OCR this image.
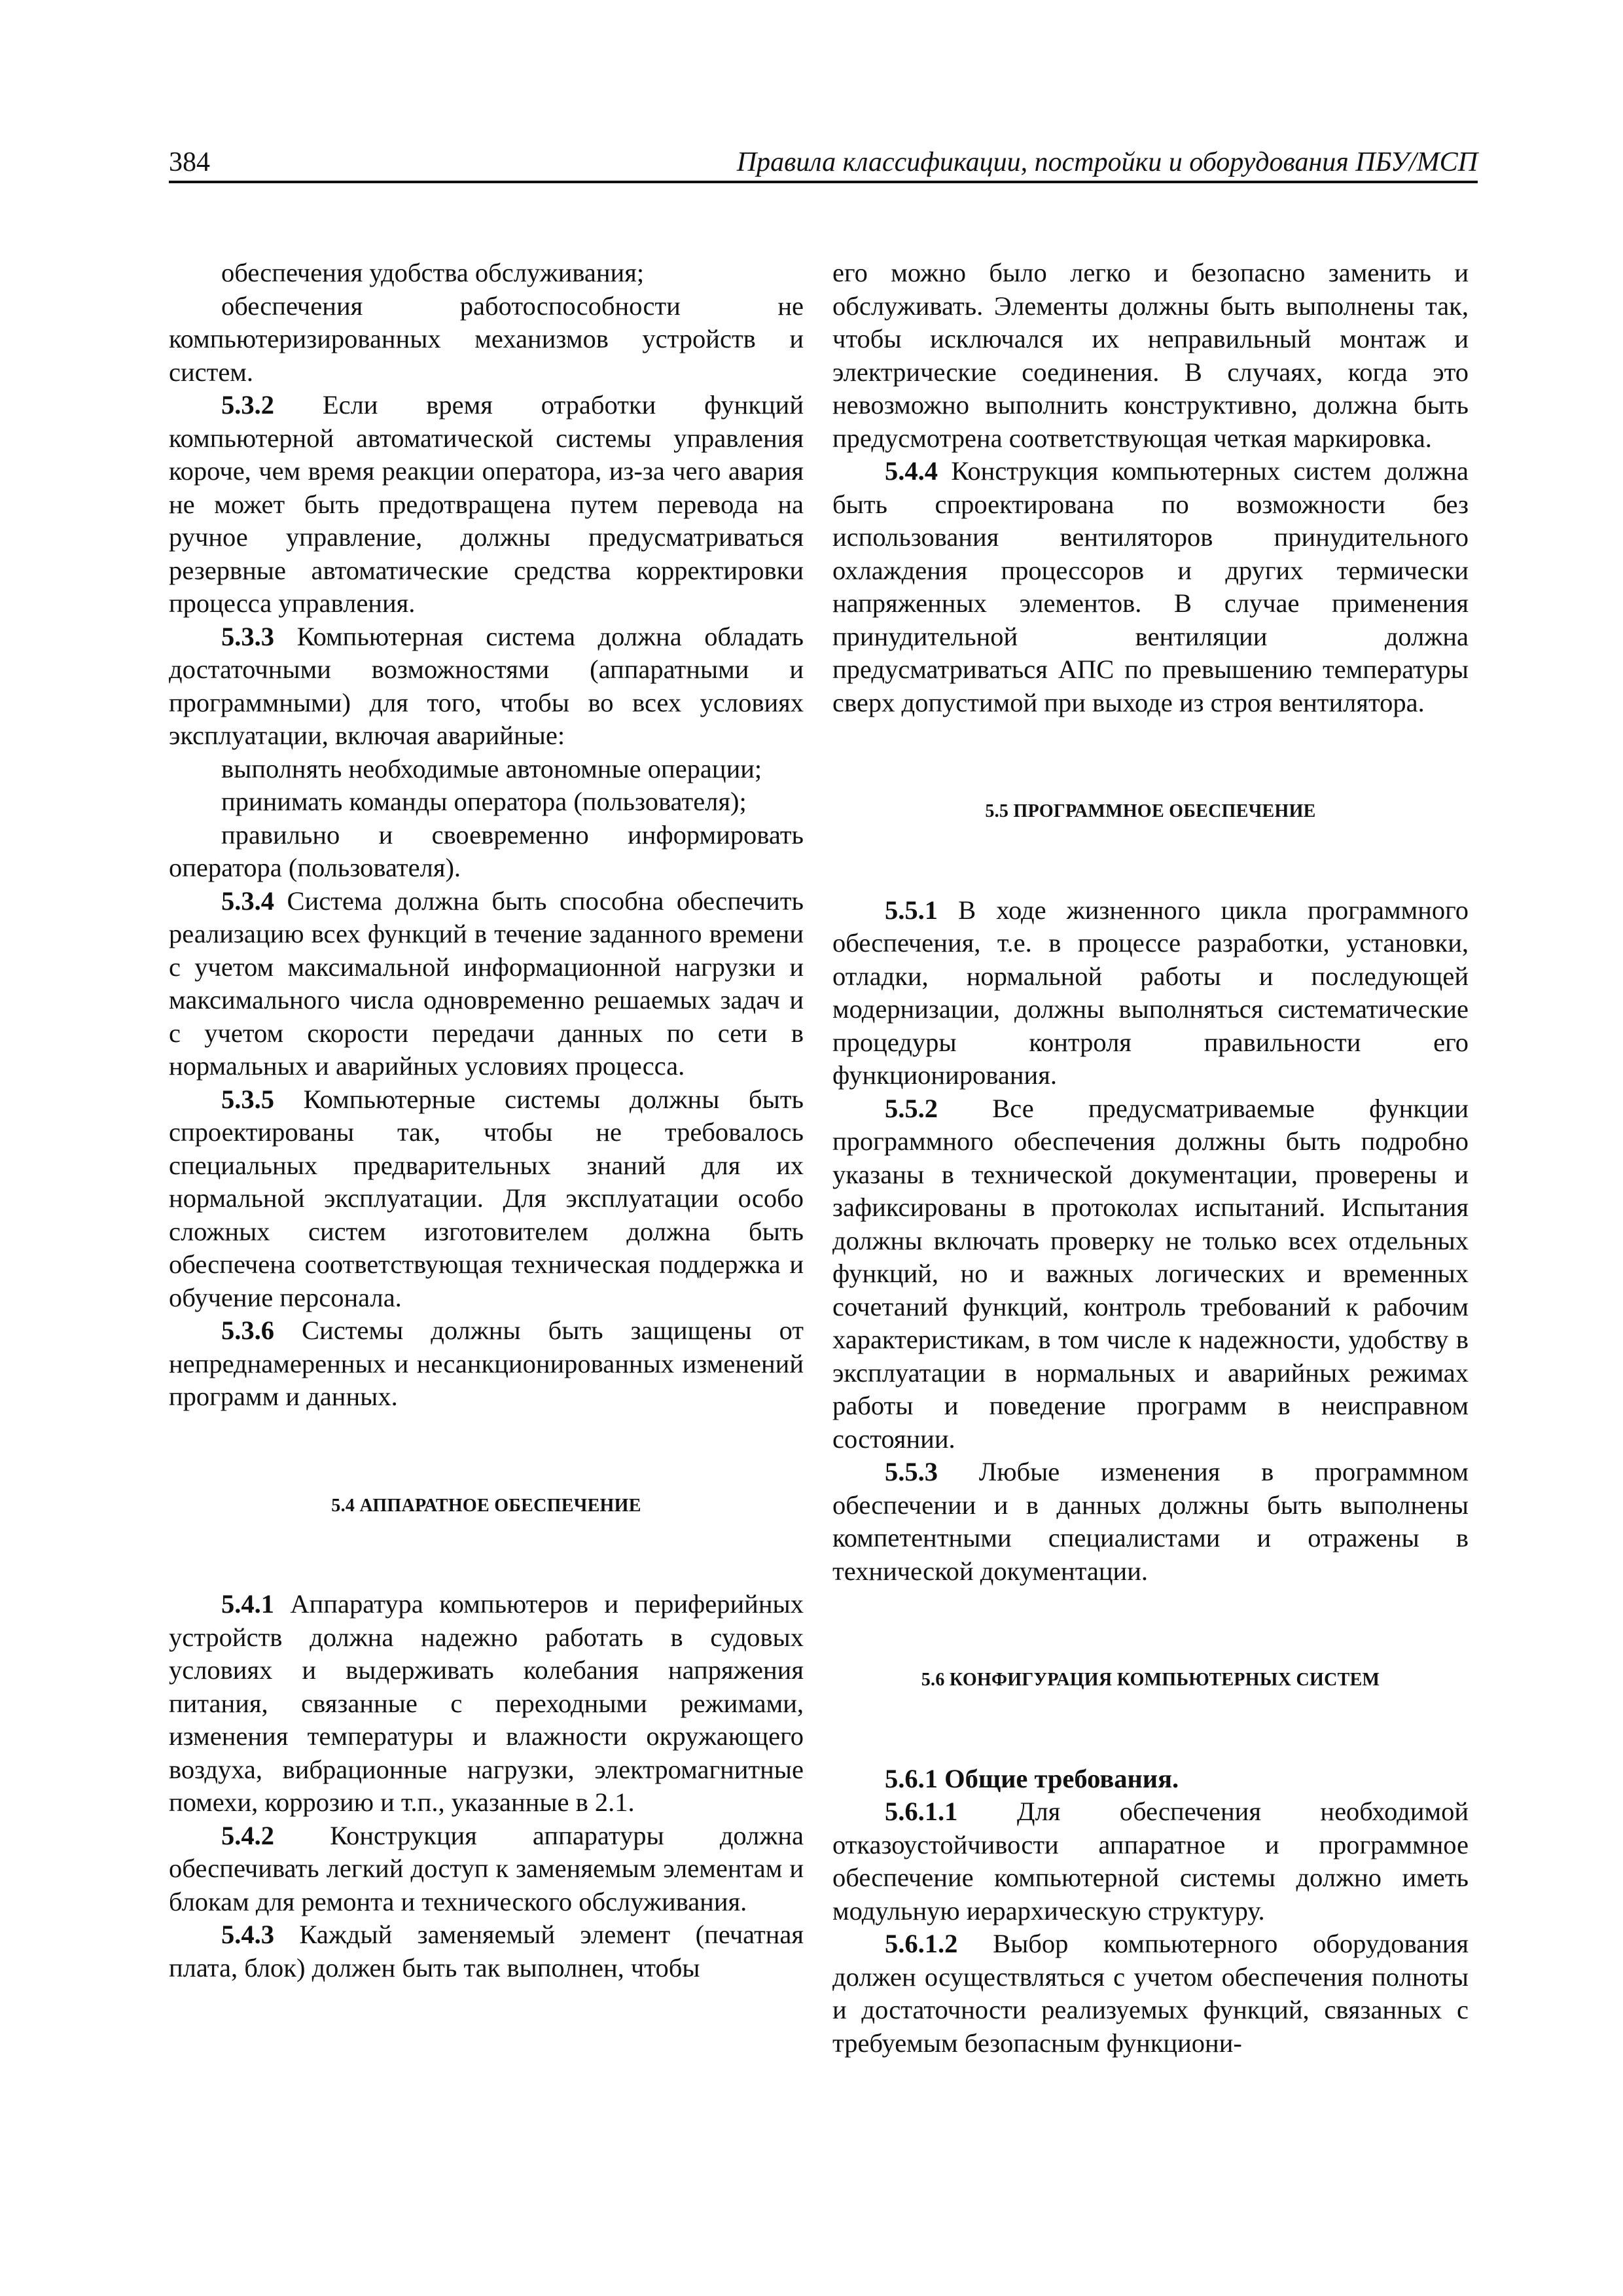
384	Правила классификации, постройки и оборудования ПБУ/МСП

обеспечения удобства обслуживания;

обеспечения работоспособности не компьютеризированных механизмов устройств и систем.

5.3.2 Если время отработки функций компьютерной автоматической системы управления короче, чем время реакции оператора, из-за чего авария не может быть предотвращена путем перевода на ручное управление, должны предусматриваться резервные автоматические средства корректировки процесса управления.

5.3.3 Компьютерная система должна обладать достаточными возможностями (аппаратными и программными) для того, чтобы во всех условиях эксплуатации, включая аварийные:

выполнять необходимые автономные операции;

принимать команды оператора (пользователя);

правильно и своевременно информировать оператора (пользователя).

5.3.4 Система должна быть способна обеспечить реализацию всех функций в течение заданного времени с учетом максимальной информационной нагрузки и максимального числа одновременно решаемых задач и с учетом скорости передачи данных по сети в нормальных и аварийных условиях процесса.

5.3.5 Компьютерные системы должны быть спроектированы так, чтобы не требовалось специальных предварительных знаний для их нормальной эксплуатации. Для эксплуатации особо сложных систем изготовителем должна быть обеспечена соответствующая техническая поддержка и обучение персонала.

5.3.6 Системы должны быть защищены от непреднамеренных и несанкционированных изменений программ и данных.

5.4 АППАРАТНОЕ ОБЕСПЕЧЕНИЕ

5.4.1 Аппаратура компьютеров и периферийных устройств должна надежно работать в судовых условиях и выдерживать колебания напряжения питания, связанные с переходными режимами, изменения температуры и влажности окружающего воздуха, вибрационные нагрузки, электромагнитные помехи, коррозию и т.п., указанные в 2.1.

5.4.2 Конструкция аппаратуры должна обеспечивать легкий доступ к заменяемым элементам и блокам для ремонта и технического обслуживания.

5.4.3 Каждый заменяемый элемент (печатная плата, блок) должен быть так выполнен, чтобы

его можно было легко и безопасно заменить и обслуживать. Элементы должны быть выполнены так, чтобы исключался их неправильный монтаж и электрические соединения. В случаях, когда это невозможно выполнить конструктивно, должна быть предусмотрена соответствующая четкая маркировка.

5.4.4 Конструкция компьютерных систем должна быть спроектирована по возможности без использования вентиляторов принудительного охлаждения процессоров и других термически напряженных элементов. В случае применения принудительной вентиляции должна предусматриваться АПС по превышению температуры сверх допустимой при выходе из строя вентилятора.

5.5 ПРОГРАММНОЕ ОБЕСПЕЧЕНИЕ

5.5.1 В ходе жизненного цикла программного обеспечения, т.е. в процессе разработки, установки, отладки, нормальной работы и последующей модернизации, должны выполняться систематические процедуры контроля правильности его функционирования.

5.5.2 Все предусматриваемые функции программного обеспечения должны быть подробно указаны в технической документации, проверены и зафиксированы в протоколах испытаний. Испытания должны включать проверку не только всех отдельных функций, но и важных логических и временных сочетаний функций, контроль требований к рабочим характеристикам, в том числе к надежности, удобству в эксплуатации в нормальных и аварийных режимах работы и поведение программ в неисправном состоянии.

5.5.3 Любые изменения в программном обеспечении и в данных должны быть выполнены компетентными специалистами и отражены в технической документации.

5.6 КОНФИГУРАЦИЯ КОМПЬЮТЕРНЫХ СИСТЕМ

5.6.1 Общие требования.

5.6.1.1 Для обеспечения необходимой отказоустойчивости аппаратное и программное обеспечение компьютерной системы должно иметь модульную иерархическую структуру.

5.6.1.2 Выбор компьютерного оборудования должен осуществляться с учетом обеспечения полноты и достаточности реализуемых функций, связанных с требуемым безопасным функциони-
